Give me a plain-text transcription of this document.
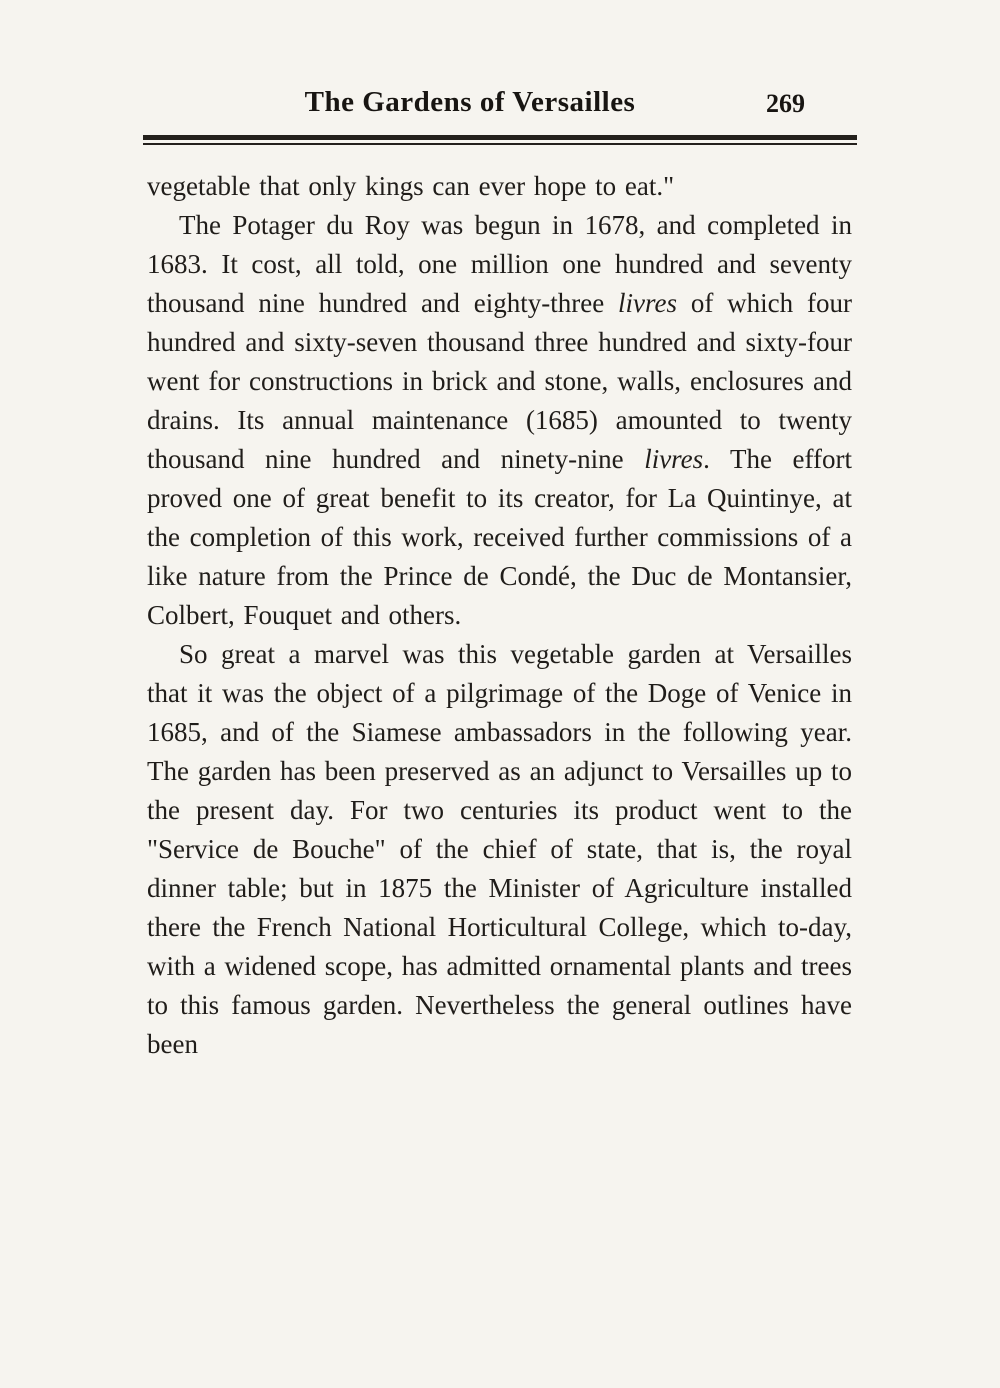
The Gardens of Versailles	269

vegetable that only kings can ever hope to eat."

The Potager du Roy was begun in 1678, and completed in 1683. It cost, all told, one million one hundred and seventy thousand nine hundred and eighty-three livres of which four hundred and sixty-seven thousand three hundred and sixty-four went for constructions in brick and stone, walls, enclosures and drains. Its annual maintenance (1685) amounted to twenty thousand nine hundred and ninety-nine livres. The effort proved one of great benefit to its creator, for La Quintinye, at the completion of this work, received further commissions of a like nature from the Prince de Condé, the Duc de Montansier, Colbert, Fouquet and others.

So great a marvel was this vegetable garden at Versailles that it was the object of a pilgrimage of the Doge of Venice in 1685, and of the Siamese ambassadors in the following year. The garden has been preserved as an adjunct to Versailles up to the present day. For two centuries its product went to the "Service de Bouche" of the chief of state, that is, the royal dinner table; but in 1875 the Minister of Agriculture installed there the French National Horticultural College, which to-day, with a widened scope, has admitted ornamental plants and trees to this famous garden. Nevertheless the general outlines have been
